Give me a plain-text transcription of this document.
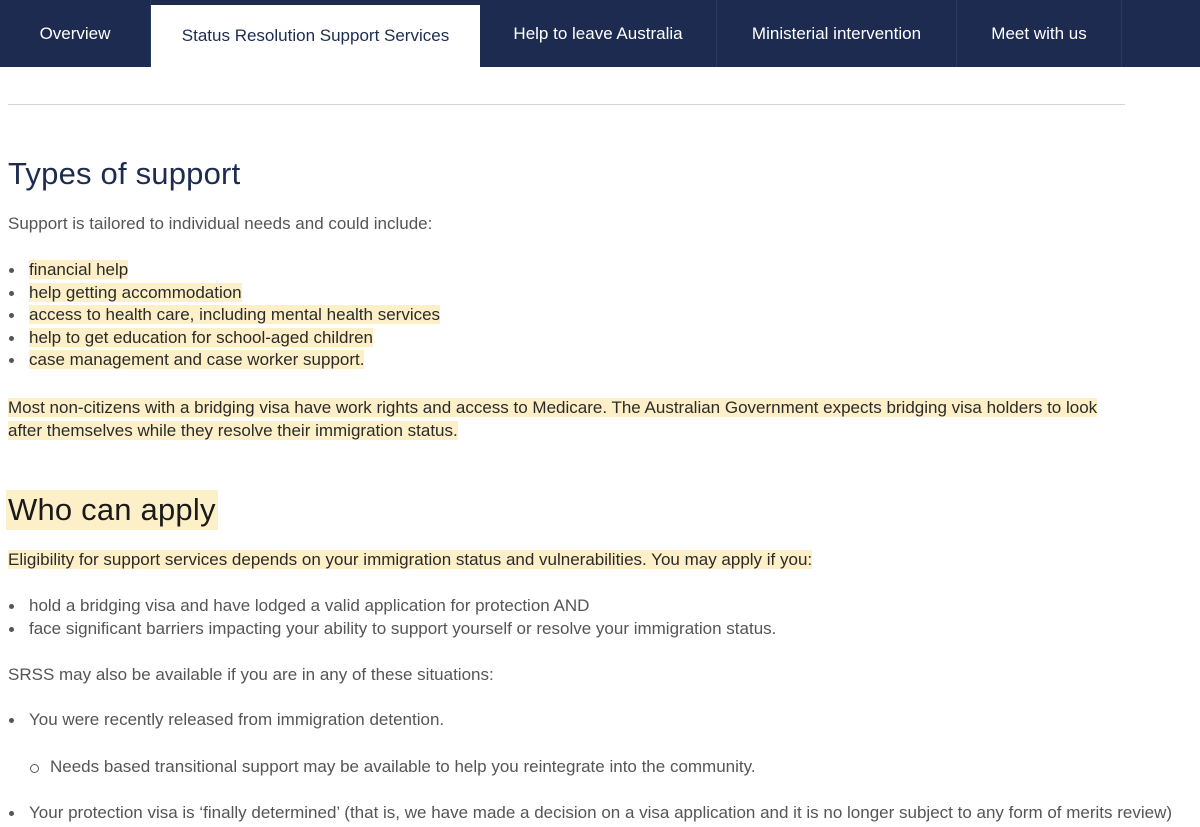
Overview	Status Resolution Support Services	Help to leave Australia	Ministerial intervention	Meet with us
Types of support

Support is tailored to individual needs and could include:

financial help
help getting accommodation
access to health care, including mental health services
help to get education for school-aged children
case management and case worker support.

Most non-citizens with a bridging visa have work rights and access to Medicare. The Australian Government expects bridging visa holders to look after themselves while they resolve their immigration status.

Who can apply

Eligibility for support services depends on your immigration status and vulnerabilities. You may apply if you:

hold a bridging visa and have lodged a valid application for protection AND
face significant barriers impacting your ability to support yourself or resolve your immigration status.

SRSS may also be available if you are in any of these situations:

You were recently released from immigration detention.
Needs based transitional support may be available to help you reintegrate into the community.
Your protection visa is ‘finally determined’ (that is, we have made a decision on a visa application and it is no longer subject to any form of merits review)
